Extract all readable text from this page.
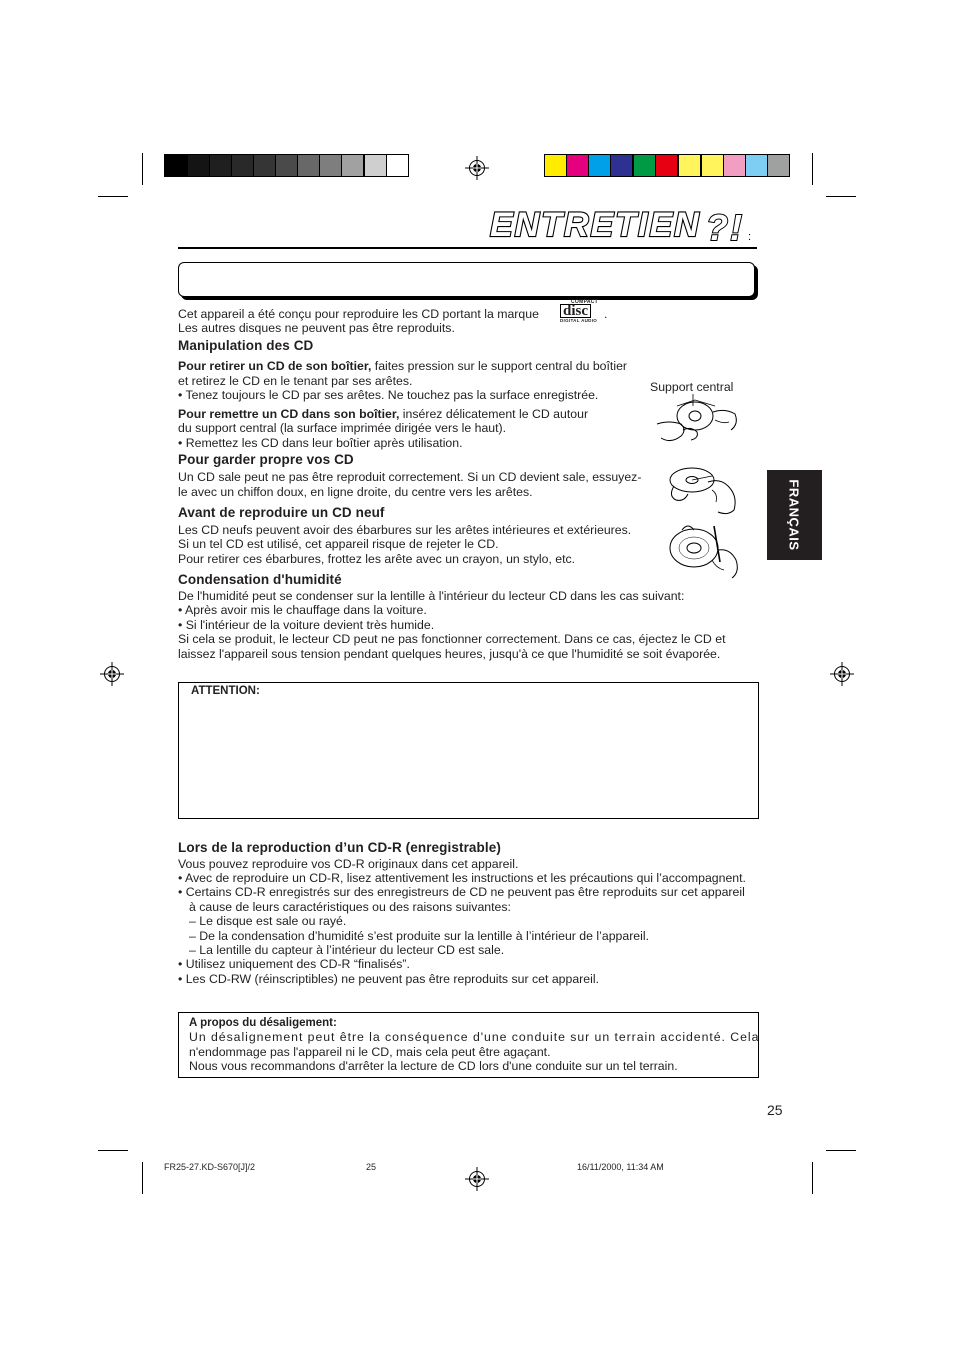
ENTRETIEN ? ! :
Cet appareil a été conçu pour reproduire les CD portant la marque
COMPACT
disc
DIGITAL AUDIO .
Les autres disques ne peuvent pas être reproduits.
Manipulation des CD
Pour retirer un CD de son boîtier, faites pression sur le support central du boîtier
et retirez le CD en le tenant par ses arêtes.
• Tenez toujours le CD par ses arêtes. Ne touchez pas la surface enregistrée.
Pour remettre un CD dans son boîtier, insérez délicatement le CD autour
du support central (la surface imprimée dirigée vers le haut).
• Remettez les CD dans leur boîtier après utilisation.
Support central
FRANÇAIS
Pour garder propre vos CD
Un CD sale peut ne pas être reproduit correctement. Si un CD devient sale, essuyez-
le avec un chiffon doux, en ligne droite, du centre vers les arêtes.
Avant de reproduire un CD neuf
Les CD neufs peuvent avoir des ébarbures sur les arêtes intérieures et extérieures.
Si un tel CD est utilisé, cet appareil risque de rejeter le CD.
Pour retirer ces ébarbures, frottez les arête avec un crayon, un stylo, etc.
Condensation d'humidité
De l'humidité peut se condenser sur la lentille à l'intérieur du lecteur CD dans les cas suivant:
• Après avoir mis le chauffage dans la voiture.
• Si l'intérieur de la voiture devient très humide.
Si cela se produit, le lecteur CD peut ne pas fonctionner correctement. Dans ce cas, éjectez le CD et
laissez l'appareil sous tension pendant quelques heures, jusqu'à ce que l'humidité se soit évaporée.
ATTENTION:
Lors de la reproduction d’un CD-R (enregistrable)
Vous pouvez reproduire vos CD-R originaux dans cet appareil.
• Avec de reproduire un CD-R, lisez attentivement les instructions et les précautions qui l’accompagnent.
• Certains CD-R enregistrés sur des enregistreurs de CD ne peuvent pas être reproduits sur cet appareil
à cause de leurs caractéristiques ou des raisons suivantes:
– Le disque est sale ou rayé.
– De la condensation d’humidité s’est produite sur la lentille à l’intérieur de l’appareil.
– La lentille du capteur à l’intérieur du lecteur CD est sale.
• Utilisez uniquement des CD-R “finalisés”.
• Les CD-RW (réinscriptibles) ne peuvent pas être reproduits sur cet appareil.
A propos du désaligement:
Un désalignement peut être la conséquence d'une conduite sur un terrain accidenté. Cela
n'endommage pas l'appareil ni le CD, mais cela peut être agaçant.
Nous vous recommandons d'arrêter la lecture de CD lors d'une conduite sur un tel terrain.
25
FR25-27.KD-S670[J]/2	25	16/11/2000, 11:34 AM
